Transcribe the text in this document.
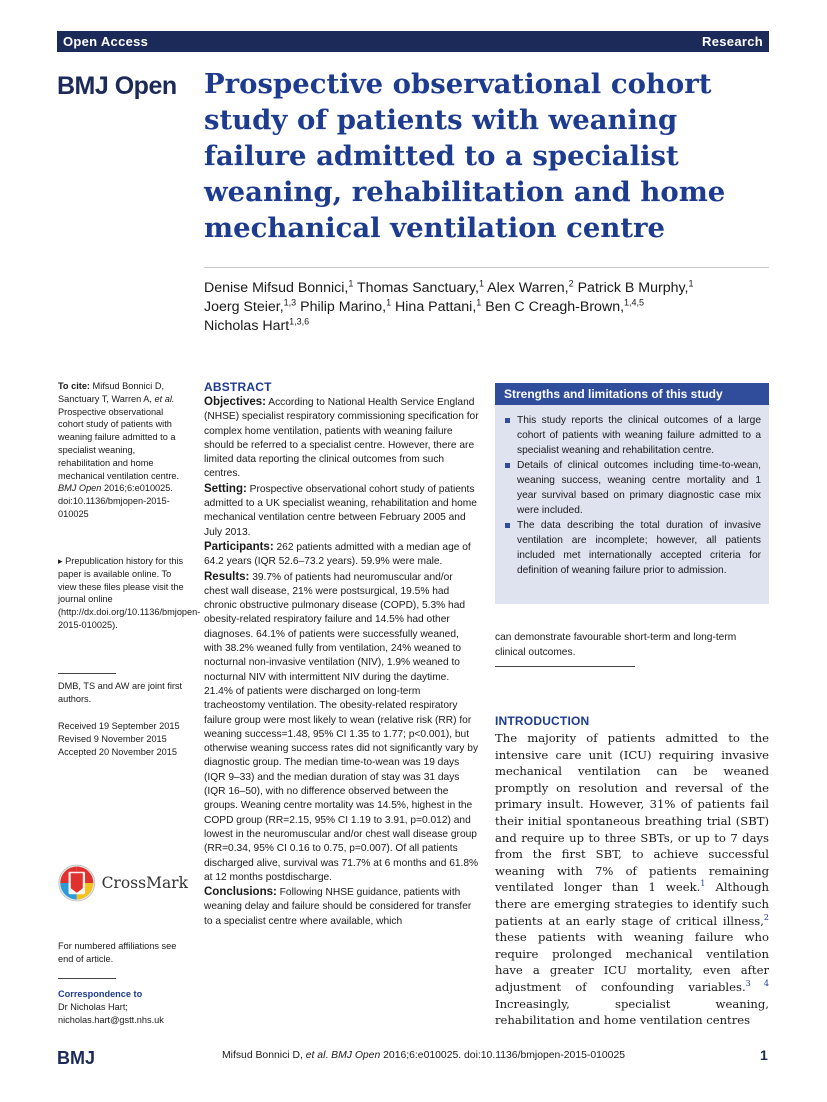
Open Access	Research
BMJ Open Prospective observational cohort study of patients with weaning failure admitted to a specialist weaning, rehabilitation and home mechanical ventilation centre
Denise Mifsud Bonnici,$^1$ Thomas Sanctuary,$^1$ Alex Warren,$^2$ Patrick B Murphy,$^1$
Joerg Steier,$^{1,3}$ Philip Marino,$^1$ Hina Pattani,$^1$ Ben C Creagh-Brown,$^{1,4,5}$
Nicholas Hart$^{1,3,6}$

To cite: Mifsud Bonnici D, Sanctuary T, Warren A, et al. Prospective observational cohort study of patients with weaning failure admitted to a specialist weaning, rehabilitation and home mechanical ventilation centre. BMJ Open 2016;6:e010025. doi:10.1136/bmjopen-2015-010025

▸ Prepublication history for this paper is available online. To view these files please visit the journal online (http://dx.doi.org/10.1136/bmjopen-2015-010025).

DMB, TS and AW are joint first authors.

Received 19 September 2015

Revised 9 November 2015

Accepted 20 November 2015

CrossMark

For numbered affiliations see end of article.

Correspondence to

Dr Nicholas Hart;

nicholas.hart@gstt.nhs.uk

ABSTRACT

Objectives: According to National Health Service England (NHSE) specialist respiratory commissioning specification for complex home ventilation, patients with weaning failure should be referred to a specialist centre. However, there are limited data reporting the clinical outcomes from such centres.

Setting: Prospective observational cohort study of patients admitted to a UK specialist weaning, rehabilitation and home mechanical ventilation centre between February 2005 and July 2013.

Participants: 262 patients admitted with a median age of 64.2 years (IQR 52.6–73.2 years). 59.9% were male.

Results: 39.7% of patients had neuromuscular and/or chest wall disease, 21% were postsurgical, 19.5% had chronic obstructive pulmonary disease (COPD), 5.3% had obesity-related respiratory failure and 14.5% had other diagnoses. 64.1% of patients were successfully weaned, with 38.2% weaned fully from ventilation, 24% weaned to nocturnal non-invasive ventilation (NIV), 1.9% weaned to nocturnal NIV with intermittent NIV during the daytime. 21.4% of patients were discharged on long-term tracheostomy ventilation. The obesity-related respiratory failure group were most likely to wean (relative risk (RR) for weaning success=1.48, 95% CI 1.35 to 1.77; p<0.001), but otherwise weaning success rates did not significantly vary by diagnostic group. The median time-to-wean was 19 days (IQR 9–33) and the median duration of stay was 31 days (IQR 16–50), with no difference observed between the groups. Weaning centre mortality was 14.5%, highest in the COPD group (RR=2.15, 95% CI 1.19 to 3.91, p=0.012) and lowest in the neuromuscular and/or chest wall disease group (RR=0.34, 95% CI 0.16 to 0.75, p=0.007). Of all patients discharged alive, survival was 71.7% at 6 months and 61.8% at 12 months postdischarge.

Conclusions: Following NHSE guidance, patients with weaning delay and failure should be considered for transfer to a specialist centre where available, which

Strengths and limitations of this study
This study reports the clinical outcomes of a large cohort of patients with weaning failure admitted to a specialist weaning and rehabilitation centre.
Details of clinical outcomes including time-to-wean, weaning success, weaning centre mortality and 1 year survival based on primary diagnostic case mix were included.
The data describing the total duration of invasive ventilation are incomplete; however, all patients included met internationally accepted criteria for definition of weaning failure prior to admission.
can demonstrate favourable short-term and long-term clinical outcomes.
INTRODUCTION
The majority of patients admitted to the intensive care unit (ICU) requiring invasive mechanical ventilation can be weaned promptly on resolution and reversal of the primary insult. However, 31% of patients fail their initial spontaneous breathing trial (SBT) and require up to three SBTs, or up to 7 days from the first SBT, to achieve successful weaning with 7% of patients remaining ventilated longer than 1 week.$^1$ Although there are emerging strategies to identify such patients at an early stage of critical illness,$^2$ these patients with weaning failure who require prolonged mechanical ventilation have a greater ICU mortality, even after adjustment of confounding variables.$^{3 4}$ Increasingly, specialist weaning, rehabilitation and home ventilation centres
BMJ	Mifsud Bonnici D, et al. BMJ Open 2016;6:e010025. doi:10.1136/bmjopen-2015-010025	1
